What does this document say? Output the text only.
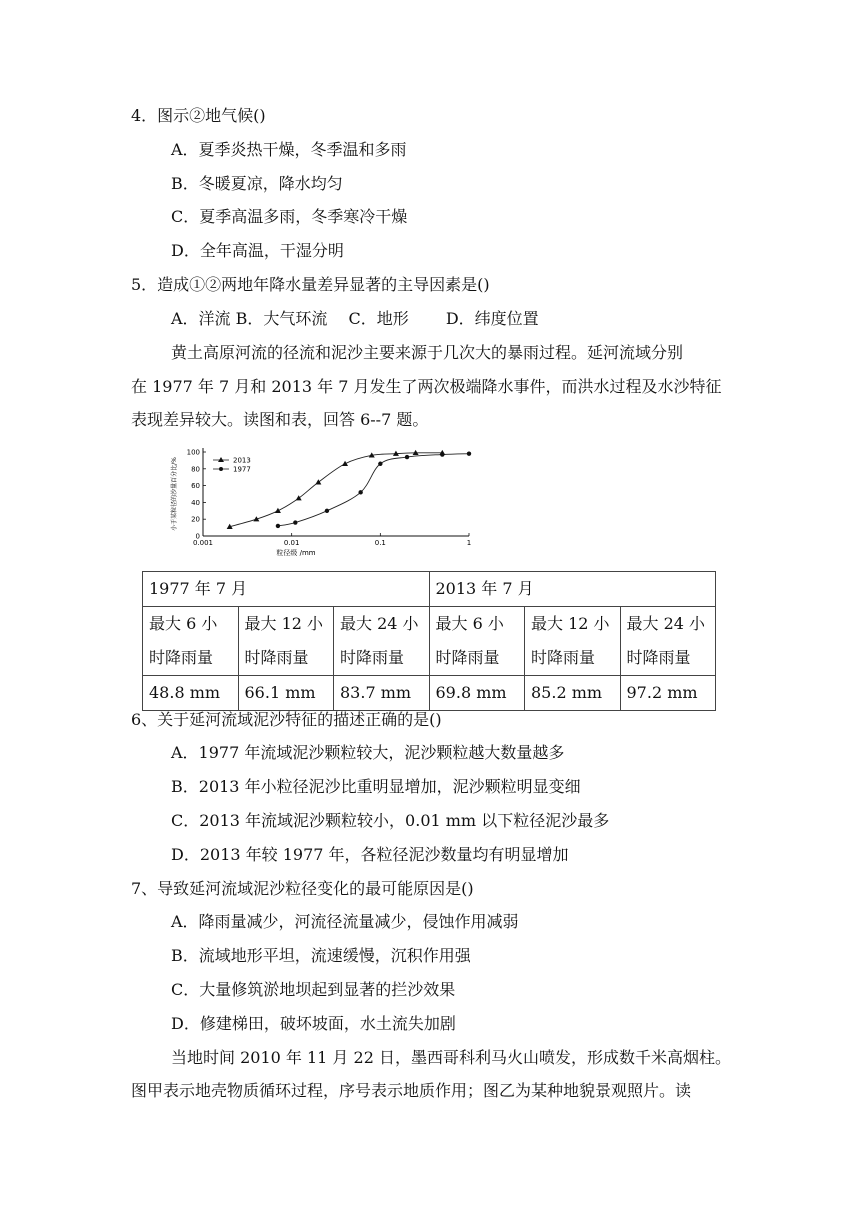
4．图示②地气候()
A．夏季炎热干燥，冬季温和多雨
B．冬暖夏凉，降水均匀
C．夏季高温多雨，冬季寒冷干燥
D．全年高温，干湿分明
5．造成①②两地年降水量差异显著的主导因素是()
A．洋流 B．大气环流　 C．地形　　 D．纬度位置
黄土高原河流的径流和泥沙主要来源于几次大的暴雨过程。延河流域分别
在 1977 年 7 月和 2013 年 7 月发生了两次极端降水事件，而洪水过程及水沙特征
表现差异较大。读图和表，回答 6--7 题。
0
20
40
60
80
100
0.001	0.01	0.1	1
粒径级 /mm
小于某粒径的沙量百分比/%	2013
1977
1977 年 7 月			2013 年 7 月		
最大 6 小时降雨量	最大 12 小时降雨量	最大 24 小时降雨量	最大 6 小时降雨量	最大 12 小时降雨量	最大 24 小时降雨量
48.8 mm	66.1 mm	83.7 mm	69.8 mm	85.2 mm	97.2 mm
6、关于延河流域泥沙特征的描述正确的是()
A．1977 年流域泥沙颗粒较大，泥沙颗粒越大数量越多
B．2013 年小粒径泥沙比重明显增加，泥沙颗粒明显变细
C．2013 年流域泥沙颗粒较小，0.01 mm 以下粒径泥沙最多
D．2013 年较 1977 年，各粒径泥沙数量均有明显增加
7、导致延河流域泥沙粒径变化的最可能原因是()
A．降雨量减少，河流径流量减少，侵蚀作用减弱
B．流域地形平坦，流速缓慢，沉积作用强
C．大量修筑淤地坝起到显著的拦沙效果
D．修建梯田，破坏坡面，水土流失加剧
当地时间 2010 年 11 月 22 日，墨西哥科利马火山喷发，形成数千米高烟柱。
图甲表示地壳物质循环过程，序号表示地质作用；图乙为某种地貌景观照片。读
